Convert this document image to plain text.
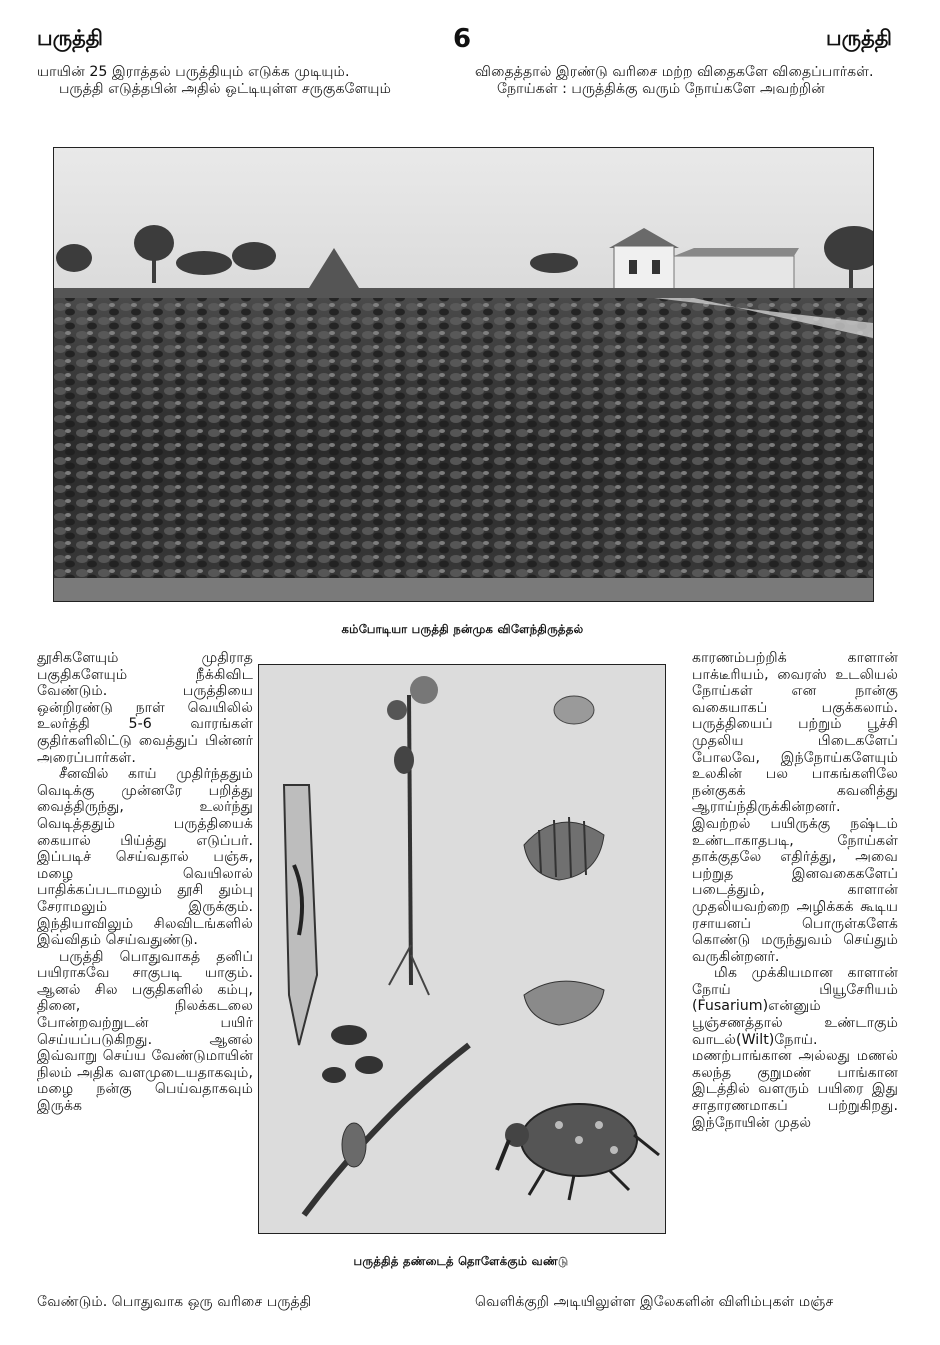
பருத்தி	6	பருத்தி

யாயின் 25 இராத்தல் பருத்தியும் எடுக்க முடியும்.

பருத்தி எடுத்தபின் அதில் ஒட்டியுள்ள சருகுகளேயும்

விதைத்தால் இரண்டு வரிசை மற்ற விதைகளே விதைப்பார்கள்.

நோய்கள் : பருத்திக்கு வரும் நோய்களே அவற்றின்

கம்போடியா பருத்தி நன்முக விளேந்திருத்தல்

தூசிகளேயும் முதிராத பகுதிகளேயும் நீக்கிவிட வேண்டும். பருத்தியை ஒன்றிரண்டு நாள் வெயிலில் உலர்த்தி 5-6 வாரங்கள் குதிர்களிலிட்டு வைத்துப் பின்னர் அரைப்பார்கள்.

சீனவில் காய் முதிர்ந்ததும் வெடிக்கு முன்னரே பறித்து வைத்திருந்து, உலர்ந்து வெடித்ததும் பருத்தியைக் கையால் பிய்த்து எடுப்பர். இப்படிச் செய்வதால் பஞ்சு, மழை வெயிலால் பாதிக்கப்படாமலும் தூசி தும்பு சேராமலும் இருக்கும். இந்தியாவிலும் சிலவிடங்களில் இவ்விதம் செய்வதுண்டு.

பருத்தி பொதுவாகத் தனிப் பயிராகவே சாகுபடி யாகும். ஆனல் சில பகுதிகளில் கம்பு, தினை, நிலக்கடலை போன்றவற்றுடன் பயிர் செய்யப்படுகிறது. ஆனல் இவ்வாறு செய்ய வேண்டுமாயின் நிலம் அதிக வளமுடையதாகவும், மழை நன்கு பெய்வதாகவும் இருக்க

பருத்தித் தண்டைத் தொளேக்கும் வண்டு

காரணம்பற்றிக் காளான் பாக்டீரியம், வைரஸ் உடலியல் நோய்கள் என நான்கு வகையாகப் பகுக்கலாம். பருத்தியைப் பற்றும் பூச்சி முதலிய பிடைகளேப் போலவே, இந்நோய்களேயும் உலகின் பல பாகங்களிலே நன்குகக் கவனித்து ஆராய்ந்திருக்கின்றனர். இவற்றல் பயிருக்கு நஷ்டம் உண்டாகாதபடி, நோய்கள் தாக்குதலே எதிர்த்து, அவை பற்றுத இனவகைகளேப் படைத்தும், காளான் முதலியவற்றை அழிக்கக் கூடிய ரசாயனப் பொருள்களேக் கொண்டு மருந்துவம் செய்தும் வருகின்றனர்.

மிக முக்கியமான காளான் நோய் பியூசேரியம் (Fusarium)என்னும் பூஞ்சணத்தால் உண்டாகும் வாடல்(Wilt)நோய். மணற்பாங்கான அல்லது மணல் கலந்த குறுமண் பாங்கான இடத்தில் வளரும் பயிரை இது சாதாரணமாகப் பற்றுகிறது. இந்நோயின் முதல்

வேண்டும். பொதுவாக ஒரு வரிசை பருத்தி	வெளிக்குறி அடியிலுள்ள இலேகளின் விளிம்புகள் மஞ்ச
